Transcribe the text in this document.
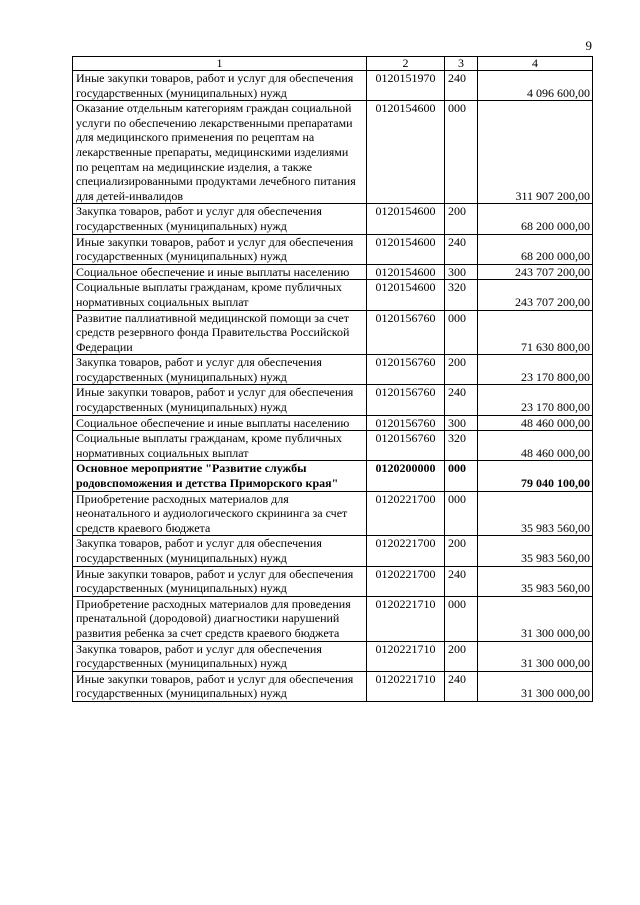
9
1	2	3	4
Иные закупки товаров, работ и услуг для обеспечения государственных (муниципальных) нужд	0120151970	240	4 096 600,00
Оказание отдельным категориям граждан социальной услуги по обеспечению лекарственными препаратами для медицинского применения по рецептам на лекарственные препараты, медицинскими изделиями по рецептам на медицинские изделия, а также специализированными продуктами лечебного питания для детей-инвалидов	0120154600	000	311 907 200,00
Закупка товаров, работ и услуг для обеспечения государственных (муниципальных) нужд	0120154600	200	68 200 000,00
Иные закупки товаров, работ и услуг для обеспечения государственных (муниципальных) нужд	0120154600	240	68 200 000,00
Социальное обеспечение и иные выплаты населению	0120154600	300	243 707 200,00
Социальные выплаты гражданам, кроме публичных нормативных социальных выплат	0120154600	320	243 707 200,00
Развитие паллиативной медицинской помощи за счет средств резервного фонда Правительства Российской Федерации	0120156760	000	71 630 800,00
Закупка товаров, работ и услуг для обеспечения государственных (муниципальных) нужд	0120156760	200	23 170 800,00
Иные закупки товаров, работ и услуг для обеспечения государственных (муниципальных) нужд	0120156760	240	23 170 800,00
Социальное обеспечение и иные выплаты населению	0120156760	300	48 460 000,00
Социальные выплаты гражданам, кроме публичных нормативных социальных выплат	0120156760	320	48 460 000,00
Основное мероприятие "Развитие службы родовспоможения и детства Приморского края"	0120200000	000	79 040 100,00
Приобретение расходных материалов для неонатального и аудиологического скрининга за счет средств краевого бюджета	0120221700	000	35 983 560,00
Закупка товаров, работ и услуг для обеспечения государственных (муниципальных) нужд	0120221700	200	35 983 560,00
Иные закупки товаров, работ и услуг для обеспечения государственных (муниципальных) нужд	0120221700	240	35 983 560,00
Приобретение расходных материалов для проведения пренатальной (дородовой) диагностики нарушений развития ребенка за счет средств краевого бюджета	0120221710	000	31 300 000,00
Закупка товаров, работ и услуг для обеспечения государственных (муниципальных) нужд	0120221710	200	31 300 000,00
Иные закупки товаров, работ и услуг для обеспечения государственных (муниципальных) нужд	0120221710	240	31 300 000,00
